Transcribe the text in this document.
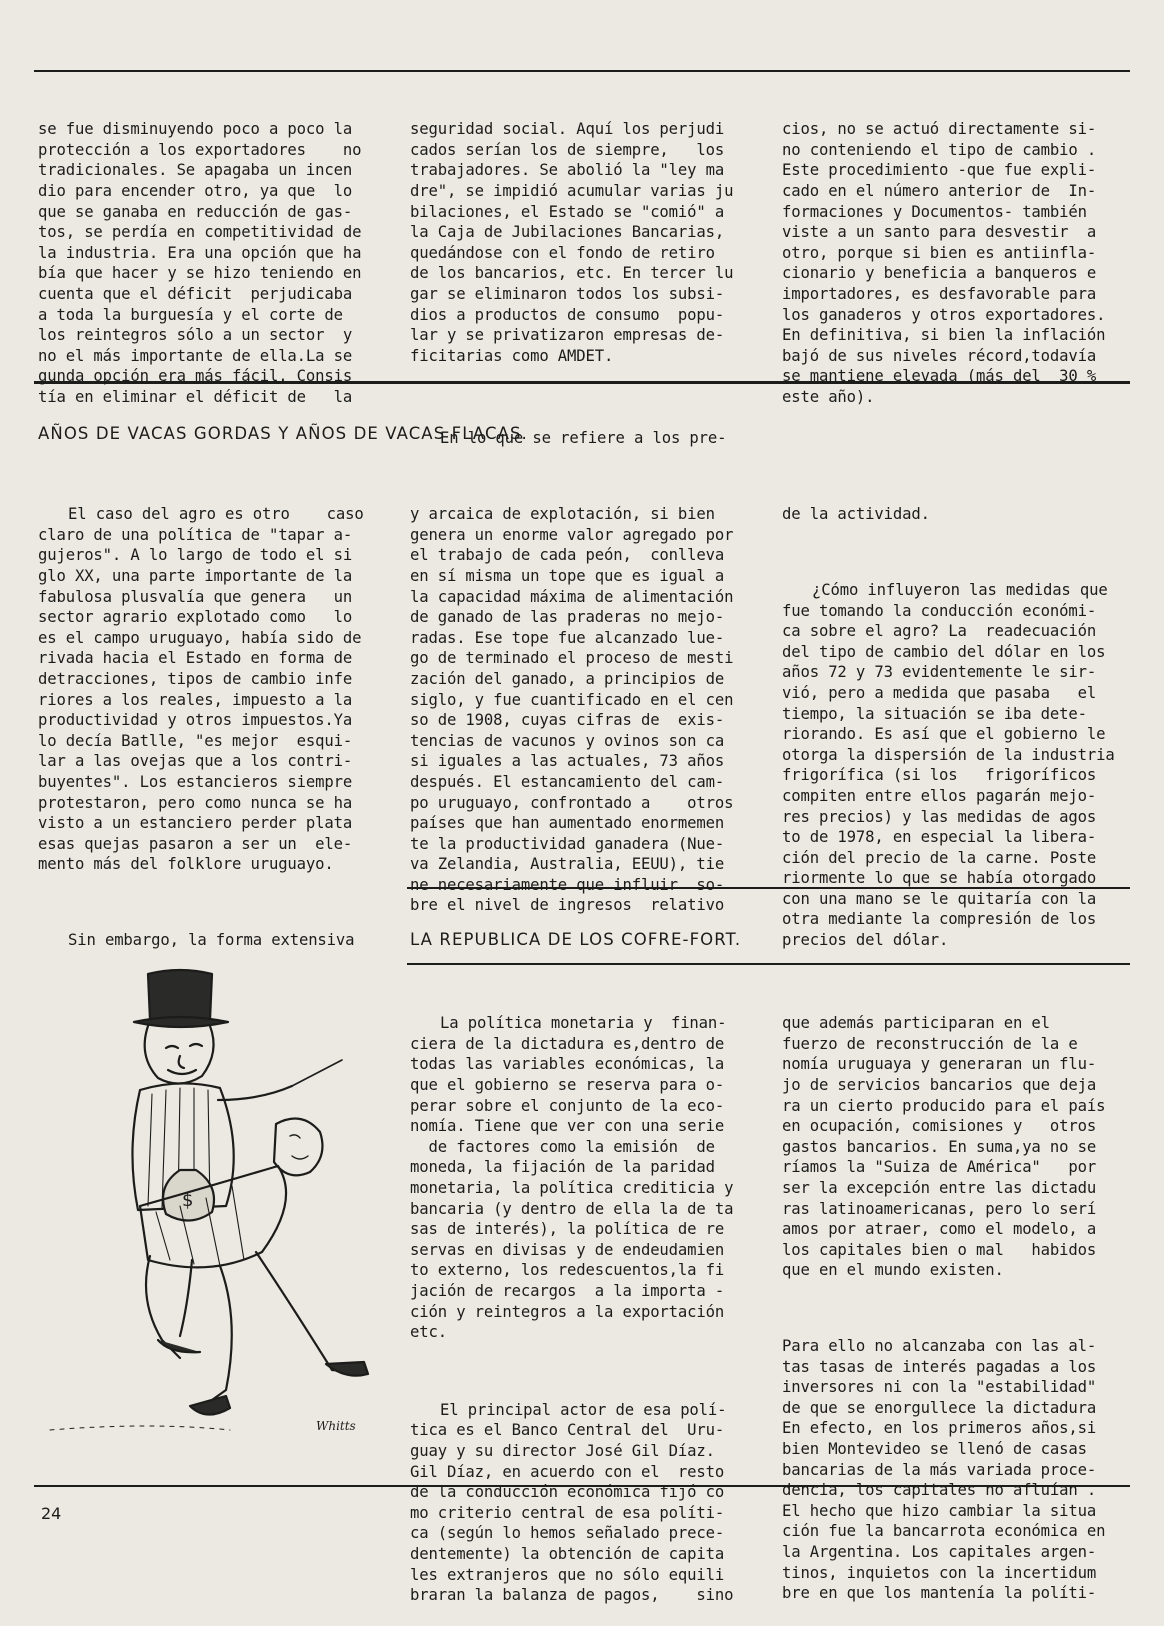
se fue disminuyendo poco a poco la
protección a los exportadores    no
tradicionales. Se apagaba un incen
dio para encender otro, ya que  lo
que se ganaba en reducción de gas-
tos, se perdía en competitividad de
la industria. Era una opción que ha
bía que hacer y se hizo teniendo en
cuenta que el déficit  perjudicaba
a toda la burguesía y el corte de
los reintegros sólo a un sector  y
no el más importante de ella.La se
gunda opción era más fácil. Consis
tía en eliminar el déficit de   la

seguridad social. Aquí los perjudi
cados serían los de siempre,   los
trabajadores. Se abolió la "ley ma
dre", se impidió acumular varias ju
bilaciones, el Estado se "comió" a
la Caja de Jubilaciones Bancarias,
quedándose con el fondo de retiro
de los bancarios, etc. En tercer lu
gar se eliminaron todos los subsi-
dios a productos de consumo  popu-
lar y se privatizaron empresas de-
ficitarias como AMDET.

En lo que se refiere a los pre-

cios, no se actuó directamente si-
no conteniendo el tipo de cambio .
Este procedimiento -que fue expli-
cado en el número anterior de  In-
formaciones y Documentos- también
viste a un santo para desvestir  a
otro, porque si bien es antiinfla-
cionario y beneficia a banqueros e
importadores, es desfavorable para
los ganaderos y otros exportadores.
En definitiva, si bien la inflación
bajó de sus niveles récord,todavía
se mantiene elevada (más del  30 %
este año).

AÑOS DE VACAS GORDAS Y AÑOS DE VACAS FLACAS.

El caso del agro es otro    caso
claro de una política de "tapar a-
gujeros". A lo largo de todo el si
glo XX, una parte importante de la
fabulosa plusvalía que genera   un
sector agrario explotado como   lo
es el campo uruguayo, había sido de
rivada hacia el Estado en forma de
detracciones, tipos de cambio infe
riores a los reales, impuesto a la
productividad y otros impuestos.Ya
lo decía Batlle, "es mejor  esqui-
lar a las ovejas que a los contri-
buyentes". Los estancieros siempre
protestaron, pero como nunca se ha
visto a un estanciero perder plata
esas quejas pasaron a ser un  ele-
mento más del folklore uruguayo.

Sin embargo, la forma extensiva

y arcaica de explotación, si bien
genera un enorme valor agregado por
el trabajo de cada peón,  conlleva
en sí misma un tope que es igual a
la capacidad máxima de alimentación
de ganado de las praderas no mejo-
radas. Ese tope fue alcanzado lue-
go de terminado el proceso de mesti
zación del ganado, a principios de
siglo, y fue cuantificado en el cen
so de 1908, cuyas cifras de  exis-
tencias de vacunos y ovinos son ca
si iguales a las actuales, 73 años
después. El estancamiento del cam-
po uruguayo, confrontado a    otros
países que han aumentado enormemen
te la productividad ganadera (Nue-
va Zelandia, Australia, EEUU), tie
ne necesariamente que influir  so-
bre el nivel de ingresos  relativo

de la actividad.

¿Cómo influyeron las medidas que
fue tomando la conducción económi-
ca sobre el agro? La  readecuación
del tipo de cambio del dólar en los
años 72 y 73 evidentemente le sir-
vió, pero a medida que pasaba   el
tiempo, la situación se iba dete-
riorando. Es así que el gobierno le
otorga la dispersión de la industria
frigorífica (si los   frigoríficos
compiten entre ellos pagarán mejo-
res precios) y las medidas de agos
to de 1978, en especial la libera-
ción del precio de la carne. Poste
riormente lo que se había otorgado
con una mano se le quitaría con la
otra mediante la compresión de los
precios del dólar.

LA REPUBLICA DE LOS COFRE-FORT.

La política monetaria y  finan-
ciera de la dictadura es,dentro de
todas las variables económicas, la
que el gobierno se reserva para o-
perar sobre el conjunto de la eco-
nomía. Tiene que ver con una serie
de factores como la emisión  de
moneda, la fijación de la paridad
monetaria, la política crediticia y
bancaria (y dentro de ella la de ta
sas de interés), la política de re
servas en divisas y de endeudamien
to externo, los redescuentos,la fi
jación de recargos  a la importa -
ción y reintegros a la exportación
etc.

El principal actor de esa polí-
tica es el Banco Central del  Uru-
guay y su director José Gil Díaz.
Gil Díaz, en acuerdo con el  resto
de la conducción económica fijó co
mo criterio central de esa políti-
ca (según lo hemos señalado prece-
dentemente) la obtención de capita
les extranjeros que no sólo equili
braran la balanza de pagos,    sino

que además participaran en el
fuerzo de reconstrucción de la e
nomía uruguaya y generaran un flu-
jo de servicios bancarios que deja
ra un cierto producido para el país
en ocupación, comisiones y   otros
gastos bancarios. En suma,ya no se
ríamos la "Suiza de América"   por
ser la excepción entre las dictadu
ras latinoamericanas, pero lo serí
amos por atraer, como el modelo, a
los capitales bien o mal   habidos
que en el mundo existen.

Para ello no alcanzaba con las al-
tas tasas de interés pagadas a los
inversores ni con la "estabilidad"
de que se enorgullece la dictadura
En efecto, en los primeros años,si
bien Montevideo se llenó de casas
bancarias de la más variada proce-
dencia, los capitales no afluían .
El hecho que hizo cambiar la situa
ción fue la bancarrota económica en
la Argentina. Los capitales argen-
tinos, inquietos con la incertidum
bre en que los mantenía la políti-

$
Whitts
24
